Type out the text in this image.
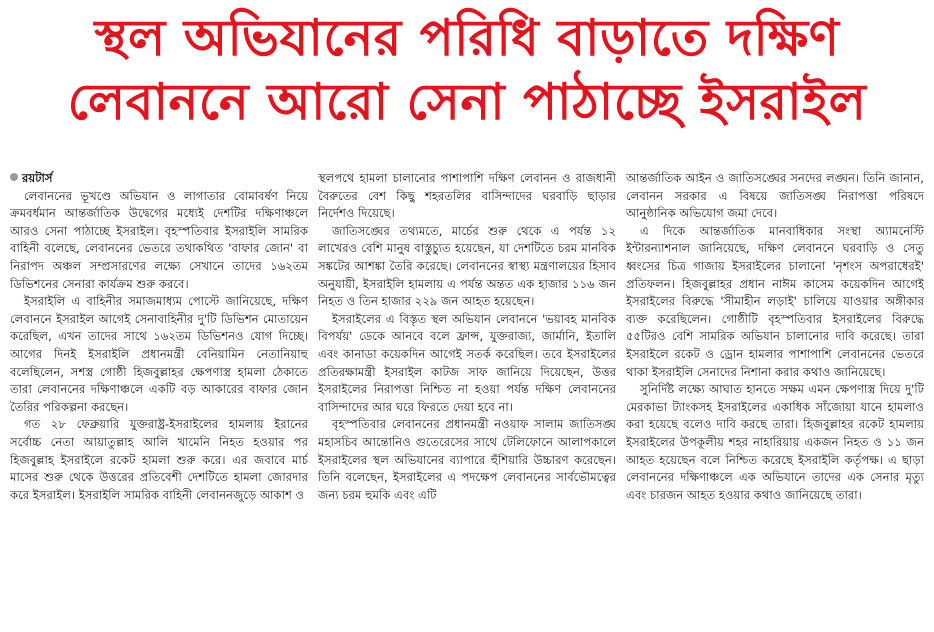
স্থল অভিযানের পরিধি বাড়াতে দক্ষিণ
লেবাননে আরো সেনা পাঠাচ্ছে ইসরাইল
রয়টার্স

লেবাননের ভূখণ্ডে অভিযান ও লাগাতার বোমাবর্ষণ নিয়ে ক্রমবর্ধমান আন্তর্জাতিক উদ্বেগের মধ্যেই দেশটির দক্ষিণাঞ্চলে আরও সেনা পাঠাচ্ছে ইসরাইল। বৃহস্পতিবার ইসরাইলি সামরিক বাহিনী বলেছে, লেবাননের ভেতরে তথাকথিত 'বাফার জোন' বা নিরাপদ অঞ্চল সম্প্রসারণের লক্ষ্যে সেখানে তাদের ১৬২তম ডিভিশনের সেনারা কার্যক্রম শুরু করবে।

ইসরাইলি এ বাহিনীর সমাজমাধ্যম পোস্টে জানিয়েছে, দক্ষিণ লেবাননে ইসরাইল আগেই সেনাবাহিনীর দু'টি ডিভিশন মোতায়েন করেছিল, এখন তাদের সাথে ১৬২তম ডিভিশনও যোগ দিচ্ছে। আগের দিনই ইসরাইলি প্রধানমন্ত্রী বেনিয়ামিন নেতানিয়াহু বলেছিলেন, সশস্ত্র গোষ্ঠী হিজবুল্লাহর ক্ষেপণাস্ত্র হামলা ঠেকাতে তারা লেবাননের দক্ষিণাঞ্চলে একটি বড় আকারের বাফার জোন তৈরির পরিকল্পনা করছেন।

গত ২৮ ফেব্রুয়ারি যুক্তরাষ্ট্র-ইসরাইলের হামলায় ইরানের সর্বোচ্চ নেতা আয়াতুল্লাহ আলি খামেনি নিহত হওয়ার পর হিজবুল্লাহ ইসরাইলে রকেট হামলা শুরু করে। এর জবাবে মার্চ মাসের শুরু থেকে উত্তরের প্রতিবেশী দেশটিতে হামলা জোরদার করে ইসরাইল। ইসরাইলি সামরিক বাহিনী লেবাননজুড়ে আকাশ ও

স্থলপথে হামলা চালানোর পাশাপাশি দক্ষিণ লেবানন ও রাজধানী বৈরুতের বেশ কিছু শহরতলির বাসিন্দাদের ঘরবাড়ি ছাড়ার নির্দেশও দিয়েছে।

জাতিসঙ্ঘের তথ্যমতে, মার্চের শুরু থেকে এ পর্যন্ত ১২ লাখেরও বেশি মানুষ বাস্তুচ্যুত হয়েছেন, যা দেশটিতে চরম মানবিক সঙ্কটের আশঙ্কা তৈরি করেছে। লেবাননের স্বাস্থ্য মন্ত্রণালয়ের হিসাব অনুযায়ী, ইসরাইলি হামলায় এ পর্যন্ত অন্তত এক হাজার ১১৬ জন নিহত ও তিন হাজার ২২৯ জন আহত হয়েছেন।

ইসরাইলের এ বিস্তৃত স্থল অভিযান লেবাননে 'ভয়াবহ মানবিক বিপর্যয়' ডেকে আনবে বলে ফ্রান্স, যুক্তরাজ্য, জার্মানি, ইতালি এবং কানাডা কয়েকদিন আগেই সতর্ক করেছিল। তবে ইসরাইলের প্রতিরক্ষামন্ত্রী ইসরাইল কাটজ সাফ জানিয়ে দিয়েছেন, উত্তর ইসরাইলের নিরাপত্তা নিশ্চিত না হওয়া পর্যন্ত দক্ষিণ লেবাননের বাসিন্দাদের আর ঘরে ফিরতে দেয়া হবে না।

বৃহস্পতিবার লেবাননের প্রধানমন্ত্রী নওয়াফ সালাম জাতিসঙ্ঘ মহাসচিব আন্তোনিও গুতেরেসের সাথে টেলিফোনে আলাপকালে ইসরাইলের স্থল অভিযানের ব্যাপারে হুঁশিয়ারি উচ্চারণ করেছেন। তিনি বলেছেন, ইসরাইলের এ পদক্ষেপ লেবাননের সার্বভৌমত্বের জন্য চরম হুমকি এবং এটি

আন্তর্জাতিক আইন ও জাতিসঙ্ঘের সনদের লঙ্ঘন। তিনি জানান, লেবানন সরকার এ বিষয়ে জাতিসঙ্ঘ নিরাপত্তা পরিষদে আনুষ্ঠানিক অভিযোগ জমা দেবে।

এ দিকে আন্তর্জাতিক মানবাধিকার সংস্থা অ্যামনেস্টি ইন্টারন্যাশনাল জানিয়েছে, দক্ষিণ লেবাননে ঘরবাড়ি ও সেতু ধ্বংসের চিত্র গাজায় ইসরাইলের চালানো 'নৃশংস অপরাধেরই' প্রতিফলন। হিজবুল্লাহর প্রধান নাঈম কাসেম কয়েকদিন আগেই ইসরাইলের বিরুদ্ধে 'সীমাহীন লড়াই' চালিয়ে যাওয়ার অঙ্গীকার ব্যক্ত করেছিলেন। গোষ্ঠীটি বৃহস্পতিবার ইসরাইলের বিরুদ্ধে ৫৫টিরও বেশি সামরিক অভিযান চালানোর দাবি করেছে। তারা ইসরাইলে রকেট ও ড্রোন হামলার পাশাপাশি লেবাননের ভেতরে থাকা ইসরাইলি সেনাদের নিশানা করার কথাও জানিয়েছে।

সুনির্দিষ্ট লক্ষ্যে আঘাত হানতে সক্ষম এমন ক্ষেপণাস্ত্র দিয়ে দু'টি মেরকাভা ট্যাংকসহ ইসরাইলের একাধিক সাঁজোয়া যানে হামলাও করা হয়েছে বলেও দাবি করছে তারা। হিজবুল্লাহর রকেট হামলায় ইসরাইলের উপকূলীয় শহর নাহারিয়ায় একজন নিহত ও ১১ জন আহত হয়েছেন বলে নিশ্চিত করেছে ইসরাইলি কর্তৃপক্ষ। এ ছাড়া লেবাননের দক্ষিণাঞ্চলে এক অভিযানে তাদের এক সেনার মৃত্যু এবং চারজন আহত হওয়ার কথাও জানিয়েছে তারা।
